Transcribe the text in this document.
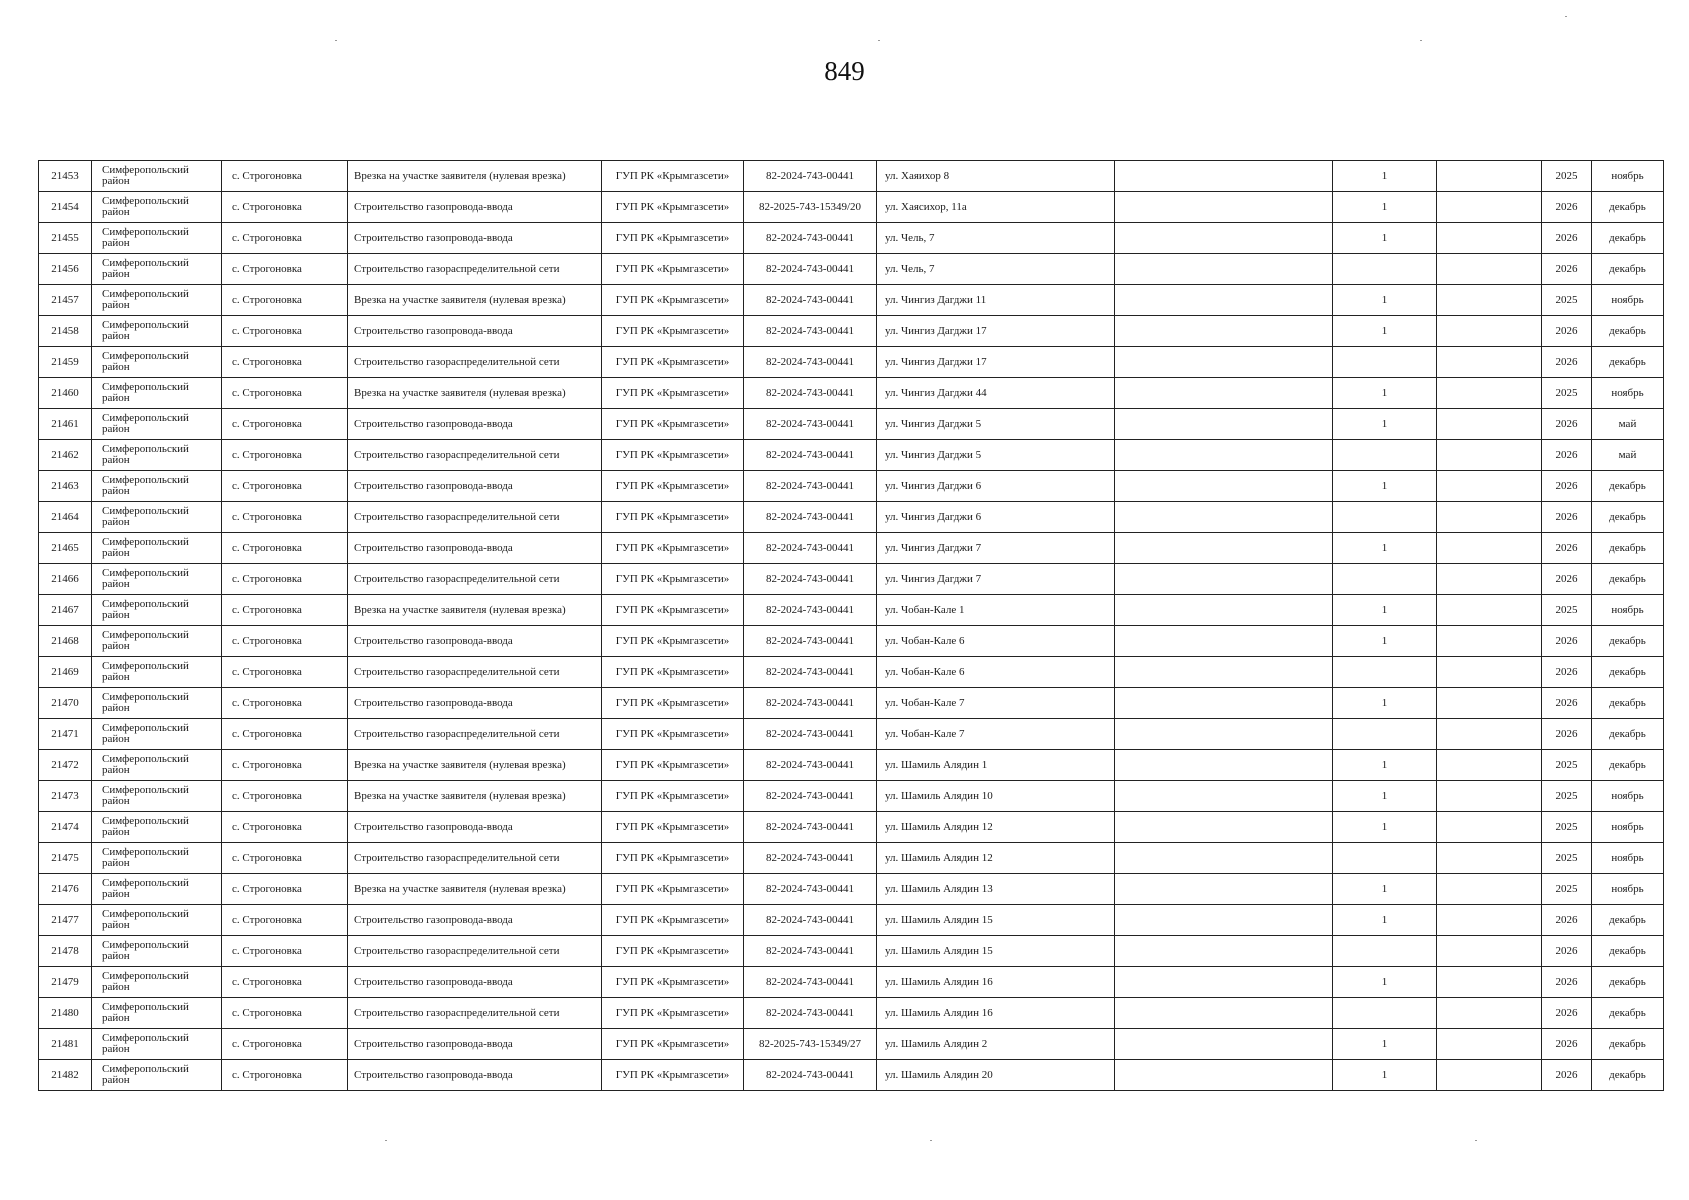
849
21453	Симферопольский район	с. Строгоновка	Врезка на участке заявителя (нулевая врезка)	ГУП РК «Крымгазсети»	82-2024-743-00441	ул. Хаяихор 8		1		2025	ноябрь
21454	Симферопольский район	с. Строгоновка	Строительство газопровода-ввода	ГУП РК «Крымгазсети»	82-2025-743-15349/20	ул. Хаясихор, 11а		1		2026	декабрь
21455	Симферопольский район	с. Строгоновка	Строительство газопровода-ввода	ГУП РК «Крымгазсети»	82-2024-743-00441	ул. Чель, 7		1		2026	декабрь
21456	Симферопольский район	с. Строгоновка	Строительство газораспределительной сети	ГУП РК «Крымгазсети»	82-2024-743-00441	ул. Чель, 7				2026	декабрь
21457	Симферопольский район	с. Строгоновка	Врезка на участке заявителя (нулевая врезка)	ГУП РК «Крымгазсети»	82-2024-743-00441	ул. Чингиз Дагджи 11		1		2025	ноябрь
21458	Симферопольский район	с. Строгоновка	Строительство газопровода-ввода	ГУП РК «Крымгазсети»	82-2024-743-00441	ул. Чингиз Дагджи 17		1		2026	декабрь
21459	Симферопольский район	с. Строгоновка	Строительство газораспределительной сети	ГУП РК «Крымгазсети»	82-2024-743-00441	ул. Чингиз Дагджи 17				2026	декабрь
21460	Симферопольский район	с. Строгоновка	Врезка на участке заявителя (нулевая врезка)	ГУП РК «Крымгазсети»	82-2024-743-00441	ул. Чингиз Дагджи 44		1		2025	ноябрь
21461	Симферопольский район	с. Строгоновка	Строительство газопровода-ввода	ГУП РК «Крымгазсети»	82-2024-743-00441	ул. Чингиз Дагджи 5		1		2026	май
21462	Симферопольский район	с. Строгоновка	Строительство газораспределительной сети	ГУП РК «Крымгазсети»	82-2024-743-00441	ул. Чингиз Дагджи 5				2026	май
21463	Симферопольский район	с. Строгоновка	Строительство газопровода-ввода	ГУП РК «Крымгазсети»	82-2024-743-00441	ул. Чингиз Дагджи 6		1		2026	декабрь
21464	Симферопольский район	с. Строгоновка	Строительство газораспределительной сети	ГУП РК «Крымгазсети»	82-2024-743-00441	ул. Чингиз Дагджи 6				2026	декабрь
21465	Симферопольский район	с. Строгоновка	Строительство газопровода-ввода	ГУП РК «Крымгазсети»	82-2024-743-00441	ул. Чингиз Дагджи 7		1		2026	декабрь
21466	Симферопольский район	с. Строгоновка	Строительство газораспределительной сети	ГУП РК «Крымгазсети»	82-2024-743-00441	ул. Чингиз Дагджи 7				2026	декабрь
21467	Симферопольский район	с. Строгоновка	Врезка на участке заявителя (нулевая врезка)	ГУП РК «Крымгазсети»	82-2024-743-00441	ул. Чобан-Кале 1		1		2025	ноябрь
21468	Симферопольский район	с. Строгоновка	Строительство газопровода-ввода	ГУП РК «Крымгазсети»	82-2024-743-00441	ул. Чобан-Кале 6		1		2026	декабрь
21469	Симферопольский район	с. Строгоновка	Строительство газораспределительной сети	ГУП РК «Крымгазсети»	82-2024-743-00441	ул. Чобан-Кале 6				2026	декабрь
21470	Симферопольский район	с. Строгоновка	Строительство газопровода-ввода	ГУП РК «Крымгазсети»	82-2024-743-00441	ул. Чобан-Кале 7		1		2026	декабрь
21471	Симферопольский район	с. Строгоновка	Строительство газораспределительной сети	ГУП РК «Крымгазсети»	82-2024-743-00441	ул. Чобан-Кале 7				2026	декабрь
21472	Симферопольский район	с. Строгоновка	Врезка на участке заявителя (нулевая врезка)	ГУП РК «Крымгазсети»	82-2024-743-00441	ул. Шамиль Алядин 1		1		2025	декабрь
21473	Симферопольский район	с. Строгоновка	Врезка на участке заявителя (нулевая врезка)	ГУП РК «Крымгазсети»	82-2024-743-00441	ул. Шамиль Алядин 10		1		2025	ноябрь
21474	Симферопольский район	с. Строгоновка	Строительство газопровода-ввода	ГУП РК «Крымгазсети»	82-2024-743-00441	ул. Шамиль Алядин 12		1		2025	ноябрь
21475	Симферопольский район	с. Строгоновка	Строительство газораспределительной сети	ГУП РК «Крымгазсети»	82-2024-743-00441	ул. Шамиль Алядин 12				2025	ноябрь
21476	Симферопольский район	с. Строгоновка	Врезка на участке заявителя (нулевая врезка)	ГУП РК «Крымгазсети»	82-2024-743-00441	ул. Шамиль Алядин 13		1		2025	ноябрь
21477	Симферопольский район	с. Строгоновка	Строительство газопровода-ввода	ГУП РК «Крымгазсети»	82-2024-743-00441	ул. Шамиль Алядин 15		1		2026	декабрь
21478	Симферопольский район	с. Строгоновка	Строительство газораспределительной сети	ГУП РК «Крымгазсети»	82-2024-743-00441	ул. Шамиль Алядин 15				2026	декабрь
21479	Симферопольский район	с. Строгоновка	Строительство газопровода-ввода	ГУП РК «Крымгазсети»	82-2024-743-00441	ул. Шамиль Алядин 16		1		2026	декабрь
21480	Симферопольский район	с. Строгоновка	Строительство газораспределительной сети	ГУП РК «Крымгазсети»	82-2024-743-00441	ул. Шамиль Алядин 16				2026	декабрь
21481	Симферопольский район	с. Строгоновка	Строительство газопровода-ввода	ГУП РК «Крымгазсети»	82-2025-743-15349/27	ул. Шамиль Алядин 2		1		2026	декабрь
21482	Симферопольский район	с. Строгоновка	Строительство газопровода-ввода	ГУП РК «Крымгазсети»	82-2024-743-00441	ул. Шамиль Алядин 20		1		2026	декабрь
